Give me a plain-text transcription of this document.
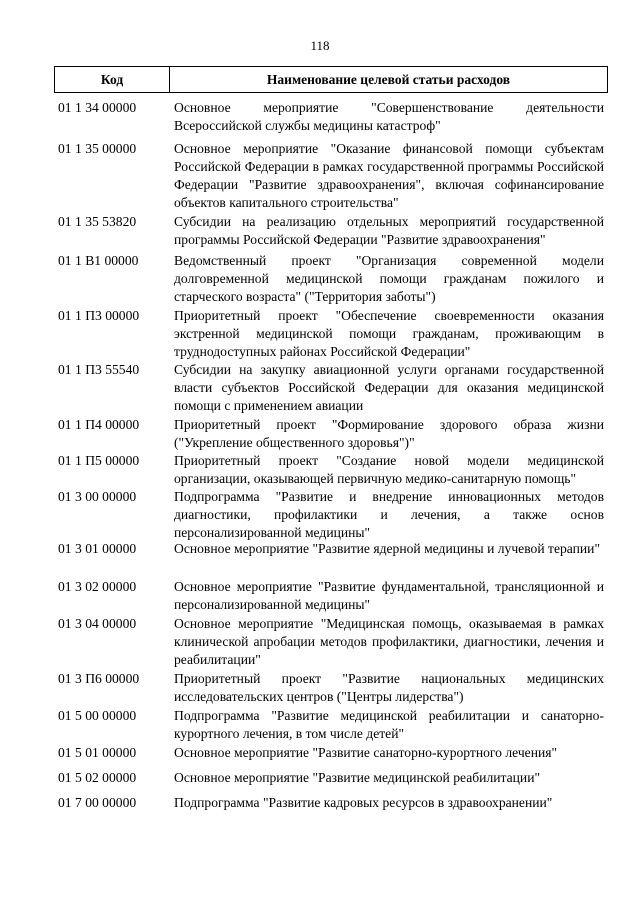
118
Код	Наименование целевой статьи расходов
01 1 34 00000	Основное мероприятие "Совершенствование деятельности Всероссийской службы медицины катастроф"
01 1 35 00000	Основное мероприятие "Оказание финансовой помощи субъектам Российской Федерации в рамках государственной программы Российской Федерации "Развитие здравоохранения", включая софинансирование объектов капитального строительства"
01 1 35 53820	Субсидии на реализацию отдельных мероприятий государственной программы Российской Федерации "Развитие здравоохранения"
01 1 В1 00000	Ведомственный проект "Организация современной модели долговременной медицинской помощи гражданам пожилого и старческого возраста" ("Территория заботы")
01 1 П3 00000	Приоритетный проект "Обеспечение своевременности оказания экстренной медицинской помощи гражданам, проживающим в труднодоступных районах Российской Федерации"
01 1 П3 55540	Субсидии на закупку авиационной услуги органами государственной власти субъектов Российской Федерации для оказания медицинской помощи с применением авиации
01 1 П4 00000	Приоритетный проект "Формирование здорового образа жизни ("Укрепление общественного здоровья")"
01 1 П5 00000	Приоритетный проект "Создание новой модели медицинской организации, оказывающей первичную медико-санитарную помощь"
01 3 00 00000	Подпрограмма "Развитие и внедрение инновационных методов диагностики, профилактики и лечения, а также основ персонализированной медицины"
01 3 01 00000	Основное мероприятие "Развитие ядерной медицины и лучевой терапии"
01 3 02 00000	Основное мероприятие "Развитие фундаментальной, трансляционной и персонализированной медицины"
01 3 04 00000	Основное мероприятие "Медицинская помощь, оказываемая в рамках клинической апробации методов профилактики, диагностики, лечения и реабилитации"
01 3 П6 00000	Приоритетный проект "Развитие национальных медицинских исследовательских центров ("Центры лидерства")
01 5 00 00000	Подпрограмма "Развитие медицинской реабилитации и санаторно-курортного лечения, в том числе детей"
01 5 01 00000	Основное мероприятие "Развитие санаторно-курортного лечения"
01 5 02 00000	Основное мероприятие "Развитие медицинской реабилитации"
01 7 00 00000	Подпрограмма "Развитие кадровых ресурсов в здравоохранении"
